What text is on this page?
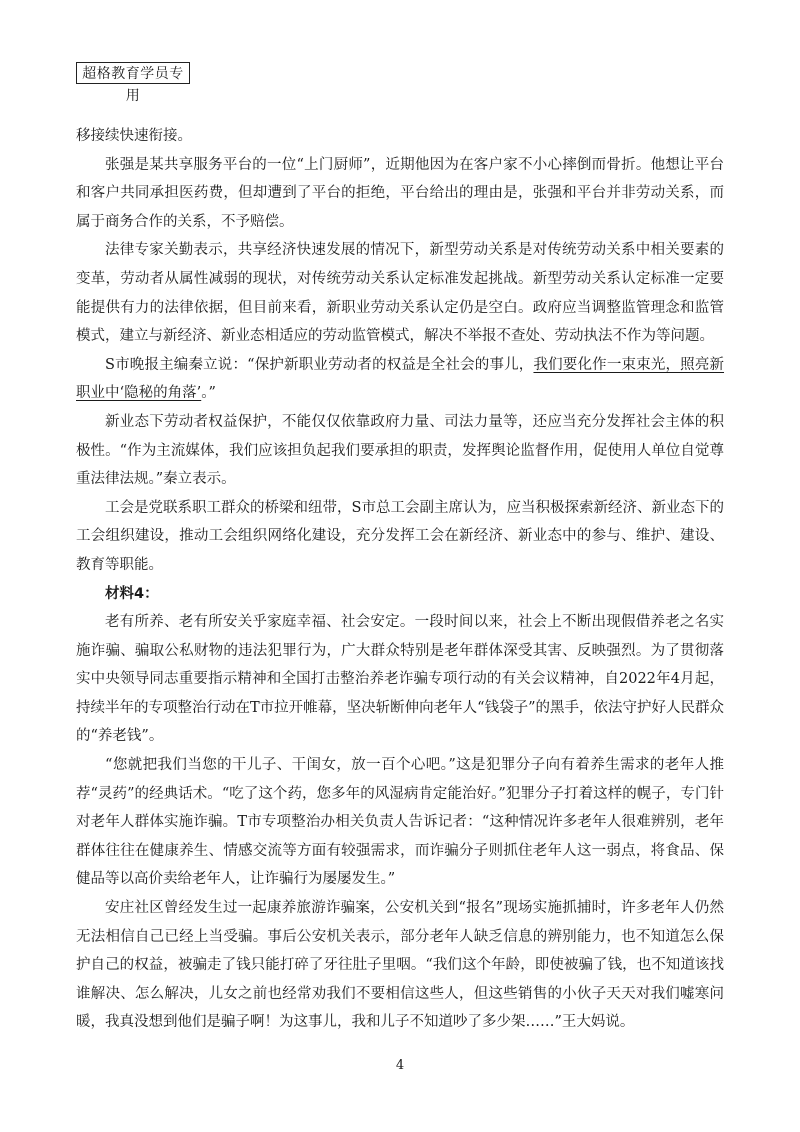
超格教育学员专用

移接续快速衔接。

张强是某共享服务平台的一位“上门厨师”，近期他因为在客户家不小心摔倒而骨折。他想让平台和客户共同承担医药费，但却遭到了平台的拒绝，平台给出的理由是，张强和平台并非劳动关系，而属于商务合作的关系，不予赔偿。

法律专家关勤表示，共享经济快速发展的情况下，新型劳动关系是对传统劳动关系中相关要素的变革，劳动者从属性减弱的现状，对传统劳动关系认定标准发起挑战。新型劳动关系认定标准一定要能提供有力的法律依据，但目前来看，新职业劳动关系认定仍是空白。政府应当调整监管理念和监管模式，建立与新经济、新业态相适应的劳动监管模式，解决不举报不查处、劳动执法不作为等问题。

S市晚报主编秦立说：“保护新职业劳动者的权益是全社会的事儿，我们要化作一束束光，照亮新职业中‘隐秘的角落’。”

新业态下劳动者权益保护，不能仅仅依靠政府力量、司法力量等，还应当充分发挥社会主体的积极性。“作为主流媒体，我们应该担负起我们要承担的职责，发挥舆论监督作用，促使用人单位自觉尊重法律法规。”秦立表示。

工会是党联系职工群众的桥梁和纽带，S市总工会副主席认为，应当积极探索新经济、新业态下的工会组织建设，推动工会组织网络化建设，充分发挥工会在新经济、新业态中的参与、维护、建设、教育等职能。

材料4：

老有所养、老有所安关乎家庭幸福、社会安定。一段时间以来，社会上不断出现假借养老之名实施诈骗、骗取公私财物的违法犯罪行为，广大群众特别是老年群体深受其害、反映强烈。为了贯彻落实中央领导同志重要指示精神和全国打击整治养老诈骗专项行动的有关会议精神，自2022年4月起，持续半年的专项整治行动在T市拉开帷幕，坚决斩断伸向老年人“钱袋子”的黑手，依法守护好人民群众的“养老钱”。

“您就把我们当您的干儿子、干闺女，放一百个心吧。”这是犯罪分子向有着养生需求的老年人推荐“灵药”的经典话术。“吃了这个药，您多年的风湿病肯定能治好。”犯罪分子打着这样的幌子，专门针对老年人群体实施诈骗。T市专项整治办相关负责人告诉记者：“这种情况许多老年人很难辨别，老年群体往往在健康养生、情感交流等方面有较强需求，而诈骗分子则抓住老年人这一弱点，将食品、保健品等以高价卖给老年人，让诈骗行为屡屡发生。”

安庄社区曾经发生过一起康养旅游诈骗案，公安机关到“报名”现场实施抓捕时，许多老年人仍然无法相信自己已经上当受骗。事后公安机关表示，部分老年人缺乏信息的辨别能力，也不知道怎么保护自己的权益，被骗走了钱只能打碎了牙往肚子里咽。“我们这个年龄，即使被骗了钱，也不知道该找谁解决、怎么解决，儿女之前也经常劝我们不要相信这些人，但这些销售的小伙子天天对我们嘘寒问暖，我真没想到他们是骗子啊！为这事儿，我和儿子不知道吵了多少架……”王大妈说。

4
